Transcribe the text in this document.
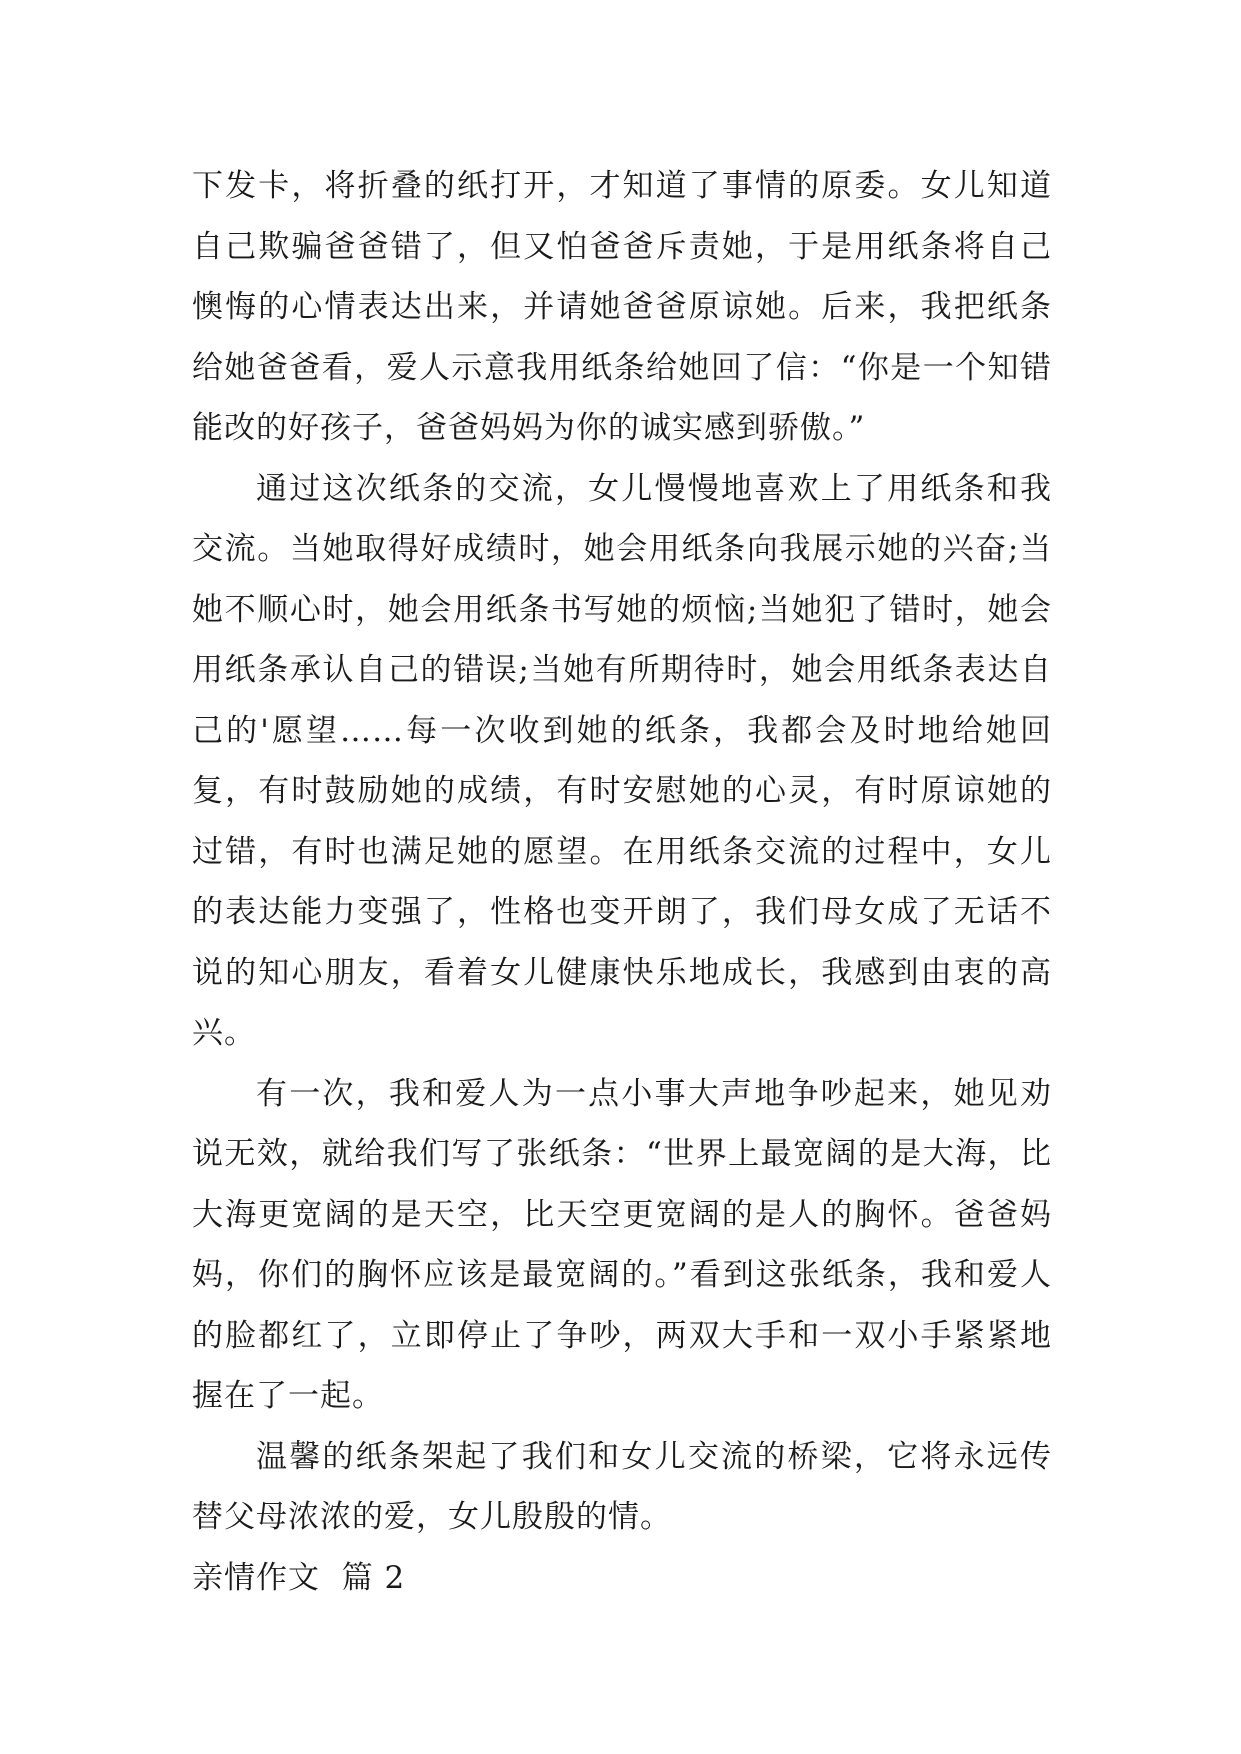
下发卡，将折叠的纸打开，才知道了事情的原委。女儿知道自己欺骗爸爸错了，但又怕爸爸斥责她，于是用纸条将自己懊悔的心情表达出来，并请她爸爸原谅她。后来，我把纸条给她爸爸看，爱人示意我用纸条给她回了信：“你是一个知错能改的好孩子，爸爸妈妈为你的诚实感到骄傲。”

通过这次纸条的交流，女儿慢慢地喜欢上了用纸条和我交流。当她取得好成绩时，她会用纸条向我展示她的兴奋;当她不顺心时，她会用纸条书写她的烦恼;当她犯了错时，她会用纸条承认自己的错误;当她有所期待时，她会用纸条表达自己的'愿望……每一次收到她的纸条，我都会及时地给她回复，有时鼓励她的成绩，有时安慰她的心灵，有时原谅她的过错，有时也满足她的愿望。在用纸条交流的过程中，女儿的表达能力变强了，性格也变开朗了，我们母女成了无话不说的知心朋友，看着女儿健康快乐地成长，我感到由衷的高兴。

有一次，我和爱人为一点小事大声地争吵起来，她见劝说无效，就给我们写了张纸条：“世界上最宽阔的是大海，比大海更宽阔的是天空，比天空更宽阔的是人的胸怀。爸爸妈妈，你们的胸怀应该是最宽阔的。”看到这张纸条，我和爱人的脸都红了，立即停止了争吵，两双大手和一双小手紧紧地握在了一起。

温馨的纸条架起了我们和女儿交流的桥梁，它将永远传替父母浓浓的爱，女儿殷殷的情。

亲情作文  篇 2
